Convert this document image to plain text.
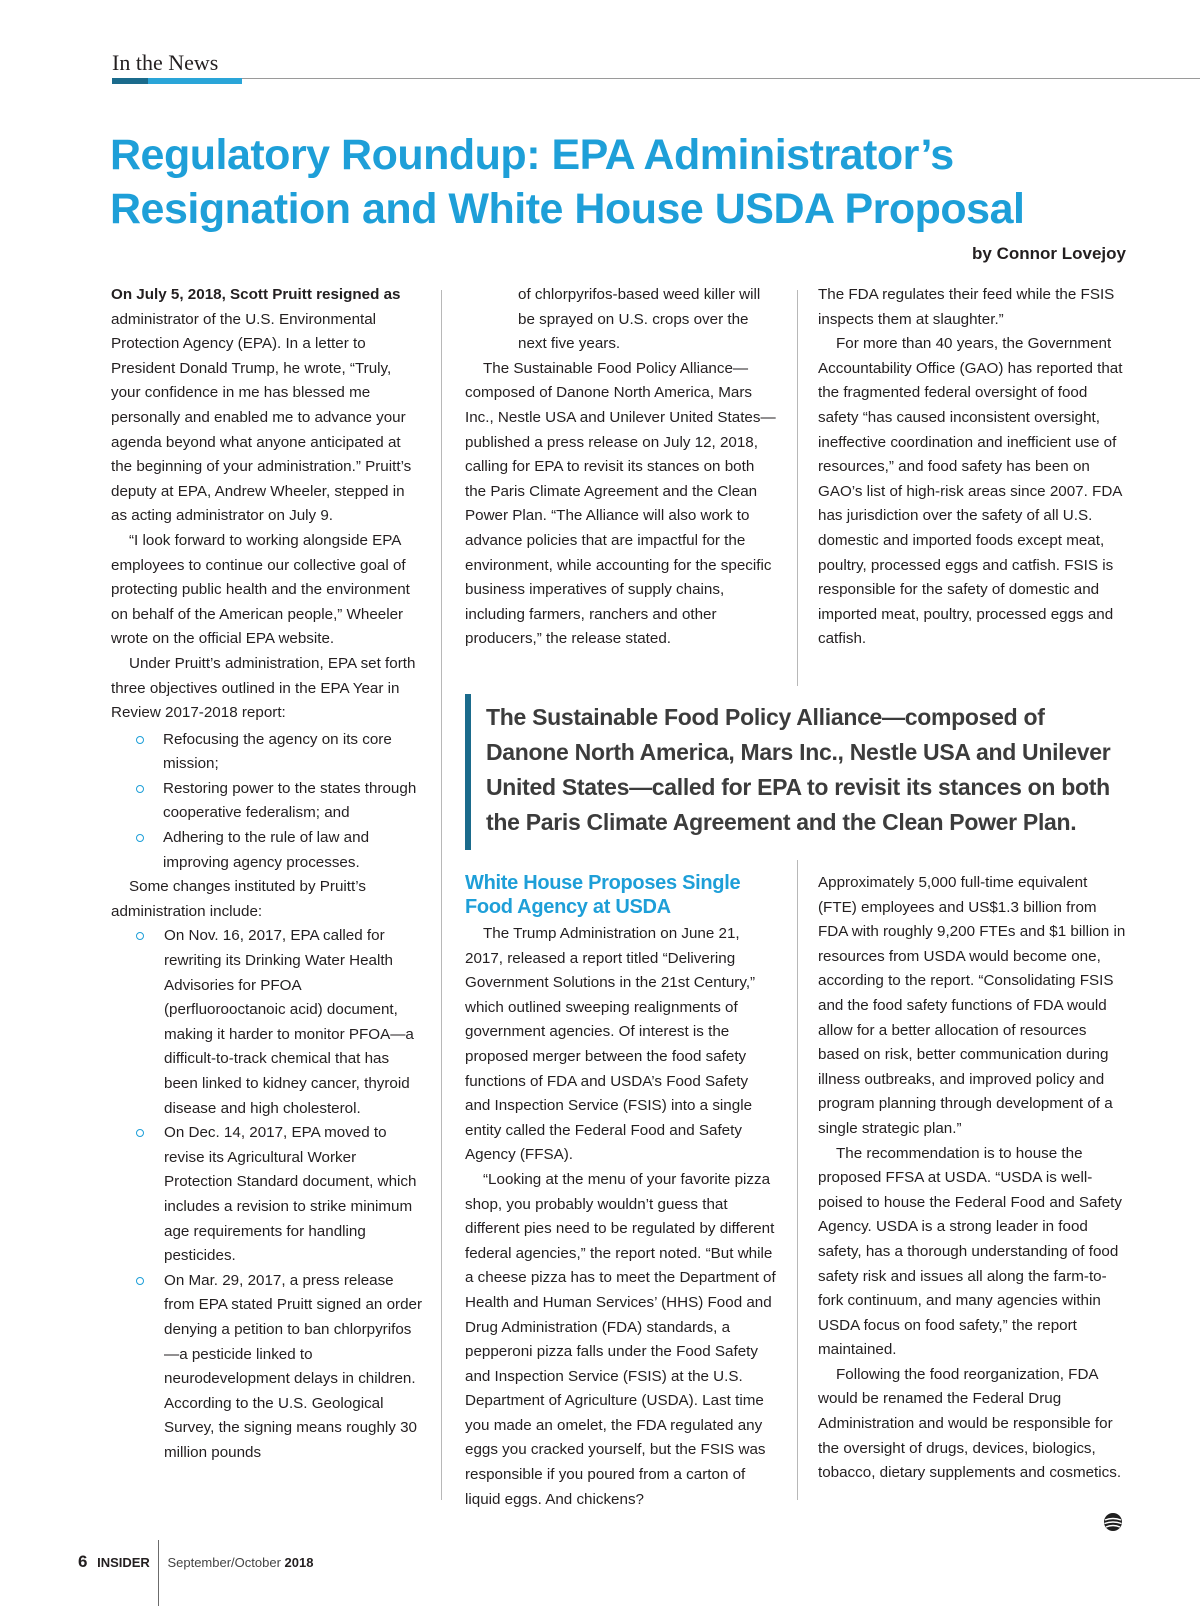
In the News
Regulatory Roundup: EPA Administrator’s Resignation and White House USDA Proposal
by Connor Lovejoy

On July 5, 2018, Scott Pruitt resigned as administrator of the U.S. Environmental Protection Agency (EPA). In a letter to President Donald Trump, he wrote, “Truly, your confidence in me has blessed me personally and enabled me to advance your agenda beyond what anyone anticipated at the beginning of your administration.” Pruitt’s deputy at EPA, Andrew Wheeler, stepped in as acting administrator on July 9.

“I look forward to working alongside EPA employees to continue our collective goal of protecting public health and the environment on behalf of the American people,” Wheeler wrote on the official EPA website.

Under Pruitt’s administration, EPA set forth three objectives outlined in the EPA Year in Review 2017-2018 report:

Refocusing the agency on its core mission;
Restoring power to the states through cooperative federalism; and
Adhering to the rule of law and improving agency processes.

Some changes instituted by Pruitt’s administration include:

On Nov. 16, 2017, EPA called for rewriting its Drinking Water Health Advisories for PFOA (perfluorooctanoic acid) document, making it harder to monitor PFOA—a difficult-to-track chemical that has been linked to kidney cancer, thyroid disease and high cholesterol.
On Dec. 14, 2017, EPA moved to revise its Agricultural Worker Protection Standard document, which includes a revision to strike minimum age requirements for handling pesticides.
On Mar. 29, 2017, a press release from EPA stated Pruitt signed an order denying a petition to ban chlorpyrifos—a pesticide linked to neurodevelopment delays in children. According to the U.S. Geological Survey, the signing means roughly 30 million pounds

of chlorpyrifos-based weed killer will be sprayed on U.S. crops over the next five years.

The Sustainable Food Policy Alliance—composed of Danone North America, Mars Inc., Nestle USA and Unilever United States—published a press release on July 12, 2018, calling for EPA to revisit its stances on both the Paris Climate Agreement and the Clean Power Plan. “The Alliance will also work to advance policies that are impactful for the environment, while accounting for the specific business imperatives of supply chains, including farmers, ranchers and other producers,” the release stated.

The FDA regulates their feed while the FSIS inspects them at slaughter.”

For more than 40 years, the Government Accountability Office (GAO) has reported that the fragmented federal oversight of food safety “has caused inconsistent oversight, ineffective coordination and inefficient use of resources,” and food safety has been on GAO’s list of high-risk areas since 2007. FDA has jurisdiction over the safety of all U.S. domestic and imported foods except meat, poultry, processed eggs and catfish. FSIS is responsible for the safety of domestic and imported meat, poultry, processed eggs and catfish.

The Sustainable Food Policy Alliance—composed of Danone North America, Mars Inc., Nestle USA and Unilever United States—called for EPA to revisit its stances on both the Paris Climate Agreement and the Clean Power Plan.

White House Proposes Single Food Agency at USDA

The Trump Administration on June 21, 2017, released a report titled “Delivering Government Solutions in the 21st Century,” which outlined sweeping realignments of government agencies. Of interest is the proposed merger between the food safety functions of FDA and USDA’s Food Safety and Inspection Service (FSIS) into a single entity called the Federal Food and Safety Agency (FFSA).

“Looking at the menu of your favorite pizza shop, you probably wouldn’t guess that different pies need to be regulated by different federal agencies,” the report noted. “But while a cheese pizza has to meet the Department of Health and Human Services’ (HHS) Food and Drug Administration (FDA) standards, a pepperoni pizza falls under the Food Safety and Inspection Service (FSIS) at the U.S. Department of Agriculture (USDA). Last time you made an omelet, the FDA regulated any eggs you cracked yourself, but the FSIS was responsible if you poured from a carton of liquid eggs. And chickens?

Approximately 5,000 full-time equivalent (FTE) employees and US$1.3 billion from FDA with roughly 9,200 FTEs and $1 billion in resources from USDA would become one, according to the report. “Consolidating FSIS and the food safety functions of FDA would allow for a better allocation of resources based on risk, better communication during illness outbreaks, and improved policy and program planning through development of a single strategic plan.”

The recommendation is to house the proposed FFSA at USDA. “USDA is well-poised to house the Federal Food and Safety Agency. USDA is a strong leader in food safety, has a thorough understanding of food safety risk and issues all along the farm-to-fork continuum, and many agencies within USDA focus on food safety,” the report maintained.

Following the food reorganization, FDA would be renamed the Federal Drug Administration and would be responsible for the oversight of drugs, devices, biologics, tobacco, dietary supplements and cosmetics.

6 INSIDER September/October 2018
